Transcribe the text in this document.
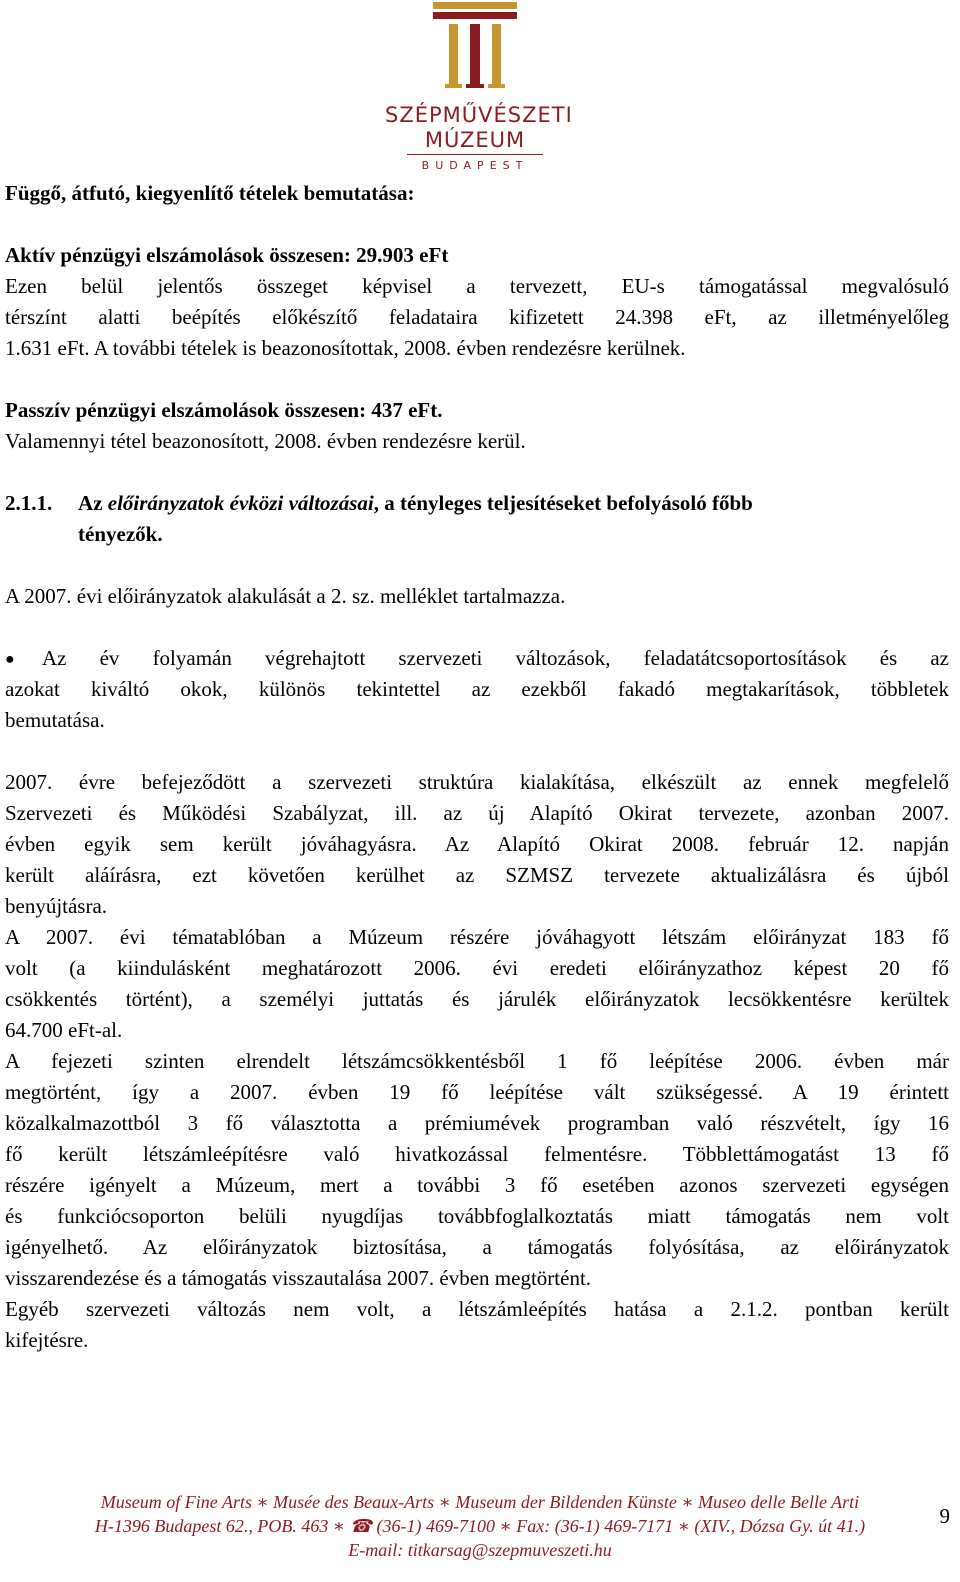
SZÉPMŰVÉSZETI
MÚZEUM
BUDAPEST
Függő, átfutó, kiegyenlítő tételek bemutatása:
Aktív pénzügyi elszámolások összesen: 29.903 eFt
Ezen belül jelentős összeget képvisel a tervezett, EU-s támogatással megvalósuló
térszínt alatti beépítés előkészítő feladataira kifizetett 24.398 eFt, az illetményelőleg
1.631 eFt. A további tételek is beazonosítottak, 2008. évben rendezésre kerülnek.
Passzív pénzügyi elszámolások összesen: 437 eFt.
Valamennyi tétel beazonosított, 2008. évben rendezésre kerül.
2.1.1.	Az előirányzatok évközi változásai, a tényleges teljesítéseket befolyásoló főbb
tényezők.
A 2007. évi előirányzatok alakulását a 2. sz. melléklet tartalmazza.
●	Az év folyamán végrehajtott szervezeti változások, feladatátcsoportosítások és az
azokat kiváltó okok, különös tekintettel az ezekből fakadó megtakarítások, többletek
bemutatása.
2007. évre befejeződött a szervezeti struktúra kialakítása, elkészült az ennek megfelelő
Szervezeti és Működési Szabályzat, ill. az új Alapító Okirat tervezete, azonban 2007.
évben egyik sem került jóváhagyásra. Az Alapító Okirat 2008. február 12. napján
került aláírásra, ezt követően kerülhet az SZMSZ tervezete aktualizálásra és újból
benyújtásra.
A 2007. évi tématablóban a Múzeum részére jóváhagyott létszám előirányzat 183 fő
volt (a kiindulásként meghatározott 2006. évi eredeti előirányzathoz képest 20 fő
csökkentés történt), a személyi juttatás és járulék előirányzatok lecsökkentésre kerültek
64.700 eFt-al.
A fejezeti szinten elrendelt létszámcsökkentésből 1 fő leépítése 2006. évben már
megtörtént, így a 2007. évben 19 fő leépítése vált szükségessé. A 19 érintett
közalkalmazottból 3 fő választotta a prémiumévek programban való részvételt, így 16
fő került létszámleépítésre való hivatkozással felmentésre. Többlettámogatást 13 fő
részére igényelt a Múzeum, mert a további 3 fő esetében azonos szervezeti egységen
és funkciócsoporton belüli nyugdíjas továbbfoglalkoztatás miatt támogatás nem volt
igényelhető. Az előirányzatok biztosítása, a támogatás folyósítása, az előirányzatok
visszarendezése és a támogatás visszautalása 2007. évben megtörtént.
Egyéb szervezeti változás nem volt, a létszámleépítés hatása a 2.1.2. pontban került
kifejtésre.
Museum of Fine Arts ∗ Musée des Beaux-Arts ∗ Museum der Bildenden Künste ∗ Museo delle Belle Arti
H-1396 Budapest 62., POB. 463 ∗ ☎ (36-1) 469-7100 ∗ Fax: (36-1) 469-7171 ∗ (XIV., Dózsa Gy. út 41.)
E-mail: titkarsag@szepmuveszeti.hu
9
